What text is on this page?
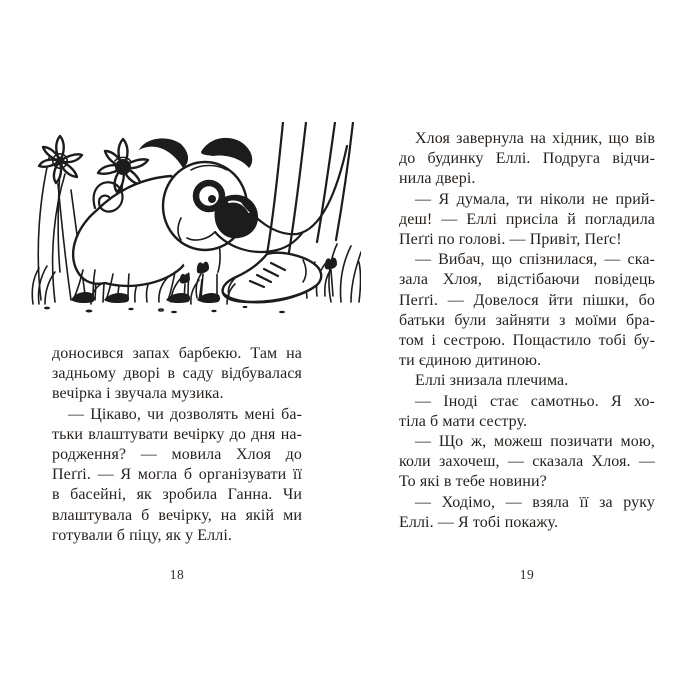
доносився запах барбекю. Там на
задньому дворі в саду відбувалася
вечірка і звучала музика.
— Цікаво, чи дозволять мені ба-
тьки влаштувати вечірку до дня на-
родження? — мовила Хлоя до
Пеґґі. — Я могла б організувати її
в басейні, як зробила Ганна. Чи
влаштувала б вечірку, на якій ми
готували б піцу, як у Еллі.
Хлоя завернула на хідник, що вів
до будинку Еллі. Подруга відчи-
нила двері.
— Я думала, ти ніколи не прий-
деш! — Еллі присіла й погладила
Пеґґі по голові. — Привіт, Пеґс!
— Вибач, що спізнилася, — ска-
зала Хлоя, відстібаючи повідець
Пеґґі. — Довелося йти пішки, бо
батьки були зайняти з моїми бра-
том і сестрою. Пощастило тобі бу-
ти єдиною дитиною.
Еллі знизала плечима.
— Іноді стає самотньо. Я хо-
тіла б мати сестру.
— Що ж, можеш позичати мою,
коли захочеш, — сказала Хлоя. —
То які в тебе новини?
— Ходімо, — взяла її за руку
Еллі. — Я тобі покажу.
18	19
